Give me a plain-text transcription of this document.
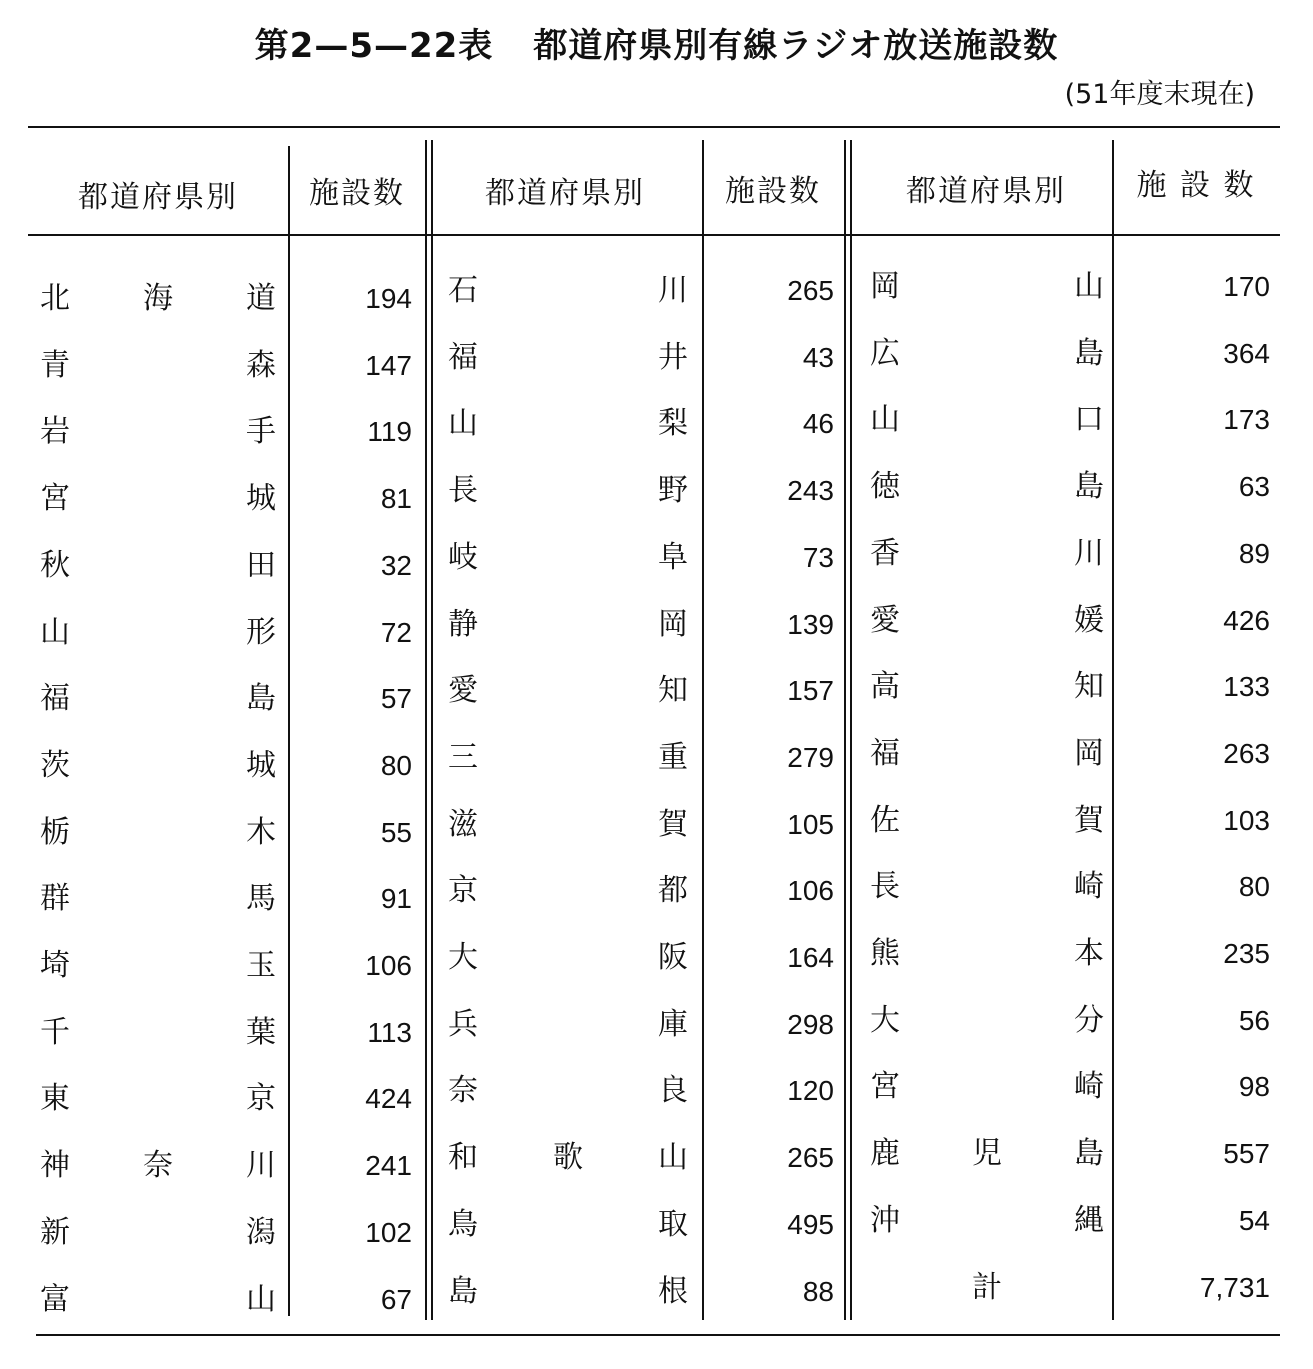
第2—5—22表 都道府県別有線ラジオ放送施設数
(51年度末現在)
都道府県別	施設数	都道府県別	施設数	都道府県別	施 設 数
北 海 道	194
青	森	147
岩	手	119
宮	城	81
秋	田	32
山	形	72
福	島	57
茨	城	80
栃	木	55
群	馬	91
埼	玉	106
千	葉	113
東	京	424
神 奈 川	241
新	潟	102
富	山	67
石	川	265
福	井	43
山	梨	46
長	野	243
岐	阜	73
静	岡	139
愛	知	157
三	重	279
滋	賀	105
京	都	106
大	阪	164
兵	庫	298
奈	良	120
和	歌	山	265
鳥	取	495
島	根	88
岡	山	170
広	島	364
山	口	173
徳	島	63
香	川	89
愛	媛	426
高	知	133
福	岡	263
佐	賀	103
長	崎	80
熊	本	235
大	分	56
宮	崎	98
鹿 児 島	557
沖	縄	54
計	7,731
